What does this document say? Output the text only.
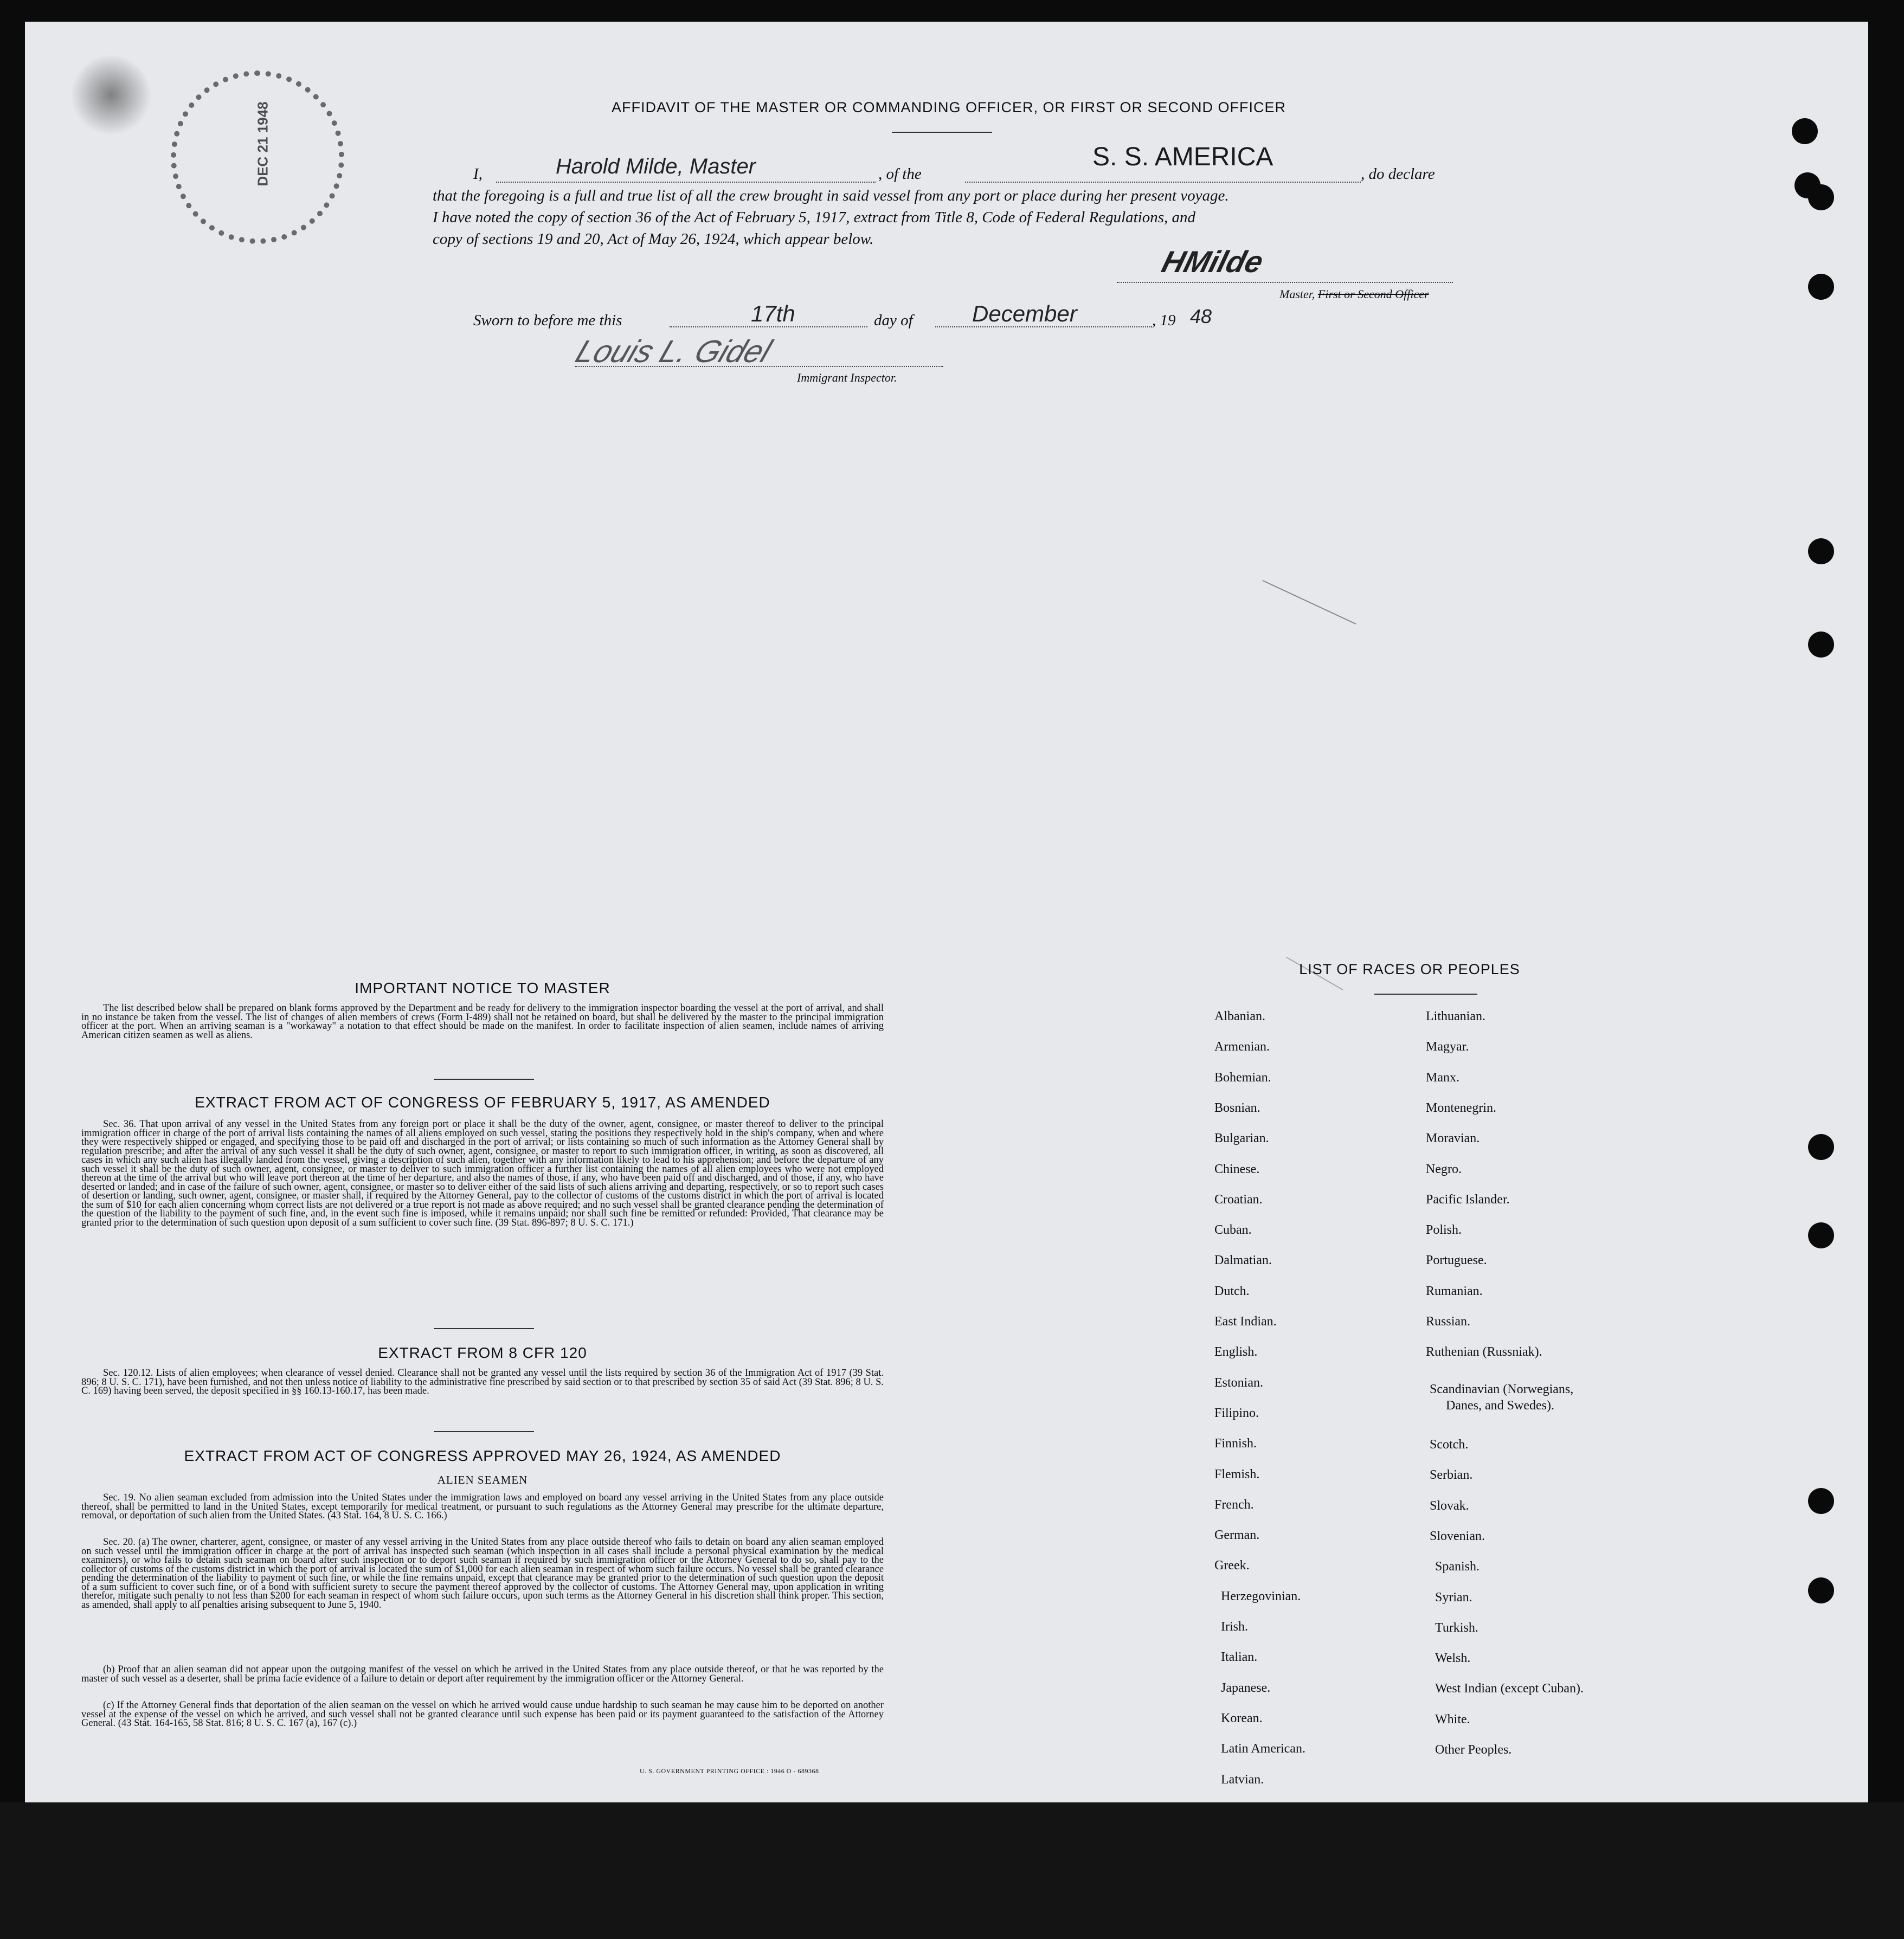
DEC 21 1948	AFFIDAVIT OF THE MASTER OR COMMANDING OFFICER, OR FIRST OR SECOND OFFICER
I,	Harold Milde, Master	, of the
S. S. AMERICA
, do declare
that the foregoing is a full and true list of all the crew brought in said vessel from any port or place during her present voyage.
I have noted the copy of section 36 of the Act of February 5, 1917, extract from Title 8, Code of Federal Regulations, and
copy of sections 19 and 20, Act of May 26, 1924, which appear below.
HMilde
Master, First or Second Officer
Sworn to before me this	17th	day of	December	, 19 48
Louis L. Gidel
Immigrant Inspector.
IMPORTANT NOTICE TO MASTER
The list described below shall be prepared on blank forms approved by the Department and be ready for delivery to the immigration inspector boarding the vessel at the port of arrival, and shall in no instance be taken from the vessel. The list of changes of alien members of crews (Form I-489) shall not be retained on board, but shall be delivered by the master to the principal immigration officer at the port. When an arriving seaman is a "workaway" a notation to that effect should be made on the manifest. In order to facilitate inspection of alien seamen, include names of arriving American citizen seamen as well as aliens.
EXTRACT FROM ACT OF CONGRESS OF FEBRUARY 5, 1917, AS AMENDED
Sec. 36. That upon arrival of any vessel in the United States from any foreign port or place it shall be the duty of the owner, agent, consignee, or master thereof to deliver to the principal immigration officer in charge of the port of arrival lists containing the names of all aliens employed on such vessel, stating the positions they respectively hold in the ship's company, when and where they were respectively shipped or engaged, and specifying those to be paid off and discharged in the port of arrival; or lists containing so much of such information as the Attorney General shall by regulation prescribe; and after the arrival of any such vessel it shall be the duty of such owner, agent, consignee, or master to report to such immigration officer, in writing, as soon as discovered, all cases in which any such alien has illegally landed from the vessel, giving a description of such alien, together with any information likely to lead to his apprehension; and before the departure of any such vessel it shall be the duty of such owner, agent, consignee, or master to deliver to such immigration officer a further list containing the names of all alien employees who were not employed thereon at the time of the arrival but who will leave port thereon at the time of her departure, and also the names of those, if any, who have been paid off and discharged, and of those, if any, who have deserted or landed; and in case of the failure of such owner, agent, consignee, or master so to deliver either of the said lists of such aliens arriving and departing, respectively, or so to report such cases of desertion or landing, such owner, agent, consignee, or master shall, if required by the Attorney General, pay to the collector of customs of the customs district in which the port of arrival is located the sum of $10 for each alien concerning whom correct lists are not delivered or a true report is not made as above required; and no such vessel shall be granted clearance pending the determination of the question of the liability to the payment of such fine, and, in the event such fine is imposed, while it remains unpaid; nor shall such fine be remitted or refunded: Provided, That clearance may be granted prior to the determination of such question upon deposit of a sum sufficient to cover such fine. (39 Stat. 896-897; 8 U. S. C. 171.)
EXTRACT FROM 8 CFR 120
Sec. 120.12. Lists of alien employees; when clearance of vessel denied. Clearance shall not be granted any vessel until the lists required by section 36 of the Immigration Act of 1917 (39 Stat. 896; 8 U. S. C. 171), have been furnished, and not then unless notice of liability to the administrative fine prescribed by said section or to that prescribed by section 35 of said Act (39 Stat. 896; 8 U. S. C. 169) having been served, the deposit specified in §§ 160.13-160.17, has been made.
EXTRACT FROM ACT OF CONGRESS APPROVED MAY 26, 1924, AS AMENDED
ALIEN SEAMEN
Sec. 19. No alien seaman excluded from admission into the United States under the immigration laws and employed on board any vessel arriving in the United States from any place outside thereof, shall be permitted to land in the United States, except temporarily for medical treatment, or pursuant to such regulations as the Attorney General may prescribe for the ultimate departure, removal, or deportation of such alien from the United States. (43 Stat. 164, 8 U. S. C. 166.)
Sec. 20. (a) The owner, charterer, agent, consignee, or master of any vessel arriving in the United States from any place outside thereof who fails to detain on board any alien seaman employed on such vessel until the immigration officer in charge at the port of arrival has inspected such seaman (which inspection in all cases shall include a personal physical examination by the medical examiners), or who fails to detain such seaman on board after such inspection or to deport such seaman if required by such immigration officer or the Attorney General to do so, shall pay to the collector of customs of the customs district in which the port of arrival is located the sum of $1,000 for each alien seaman in respect of whom such failure occurs. No vessel shall be granted clearance pending the determination of the liability to payment of such fine, or while the fine remains unpaid, except that clearance may be granted prior to the determination of such question upon the deposit of a sum sufficient to cover such fine, or of a bond with sufficient surety to secure the payment thereof approved by the collector of customs. The Attorney General may, upon application in writing therefor, mitigate such penalty to not less than $200 for each seaman in respect of whom such failure occurs, upon such terms as the Attorney General in his discretion shall think proper. This section, as amended, shall apply to all penalties arising subsequent to June 5, 1940.
(b) Proof that an alien seaman did not appear upon the outgoing manifest of the vessel on which he arrived in the United States from any place outside thereof, or that he was reported by the master of such vessel as a deserter, shall be prima facie evidence of a failure to detain or deport after requirement by the immigration officer or the Attorney General.
(c) If the Attorney General finds that deportation of the alien seaman on the vessel on which he arrived would cause undue hardship to such seaman he may cause him to be deported on another vessel at the expense of the vessel on which he arrived, and such vessel shall not be granted clearance until such expense has been paid or its payment guaranteed to the satisfaction of the Attorney General. (43 Stat. 164-165, 58 Stat. 816; 8 U. S. C. 167 (a), 167 (c).)
U. S. GOVERNMENT PRINTING OFFICE : 1946 O - 689368
LIST OF RACES OR PEOPLES
Albanian.
Armenian.
Bohemian.
Bosnian.
Bulgarian.
Chinese.
Croatian.
Cuban.
Dalmatian.
Dutch.
East Indian.
English.
Estonian.
Filipino.
Finnish.
Flemish.
French.
German.
Greek.
Herzegovinian.
Irish.
Italian.
Japanese.
Korean.
Latin American.
Latvian.
Lithuanian.
Magyar.
Manx.
Montenegrin.
Moravian.
Negro.
Pacific Islander.
Polish.
Portuguese.
Rumanian.
Russian.
Ruthenian (Russniak).
Scandinavian (Norwegians,
Danes, and Swedes).
Scotch.
Serbian.
Slovak.
Slovenian.
Spanish.
Syrian.
Turkish.
Welsh.
West Indian (except Cuban).
White.
Other Peoples.
